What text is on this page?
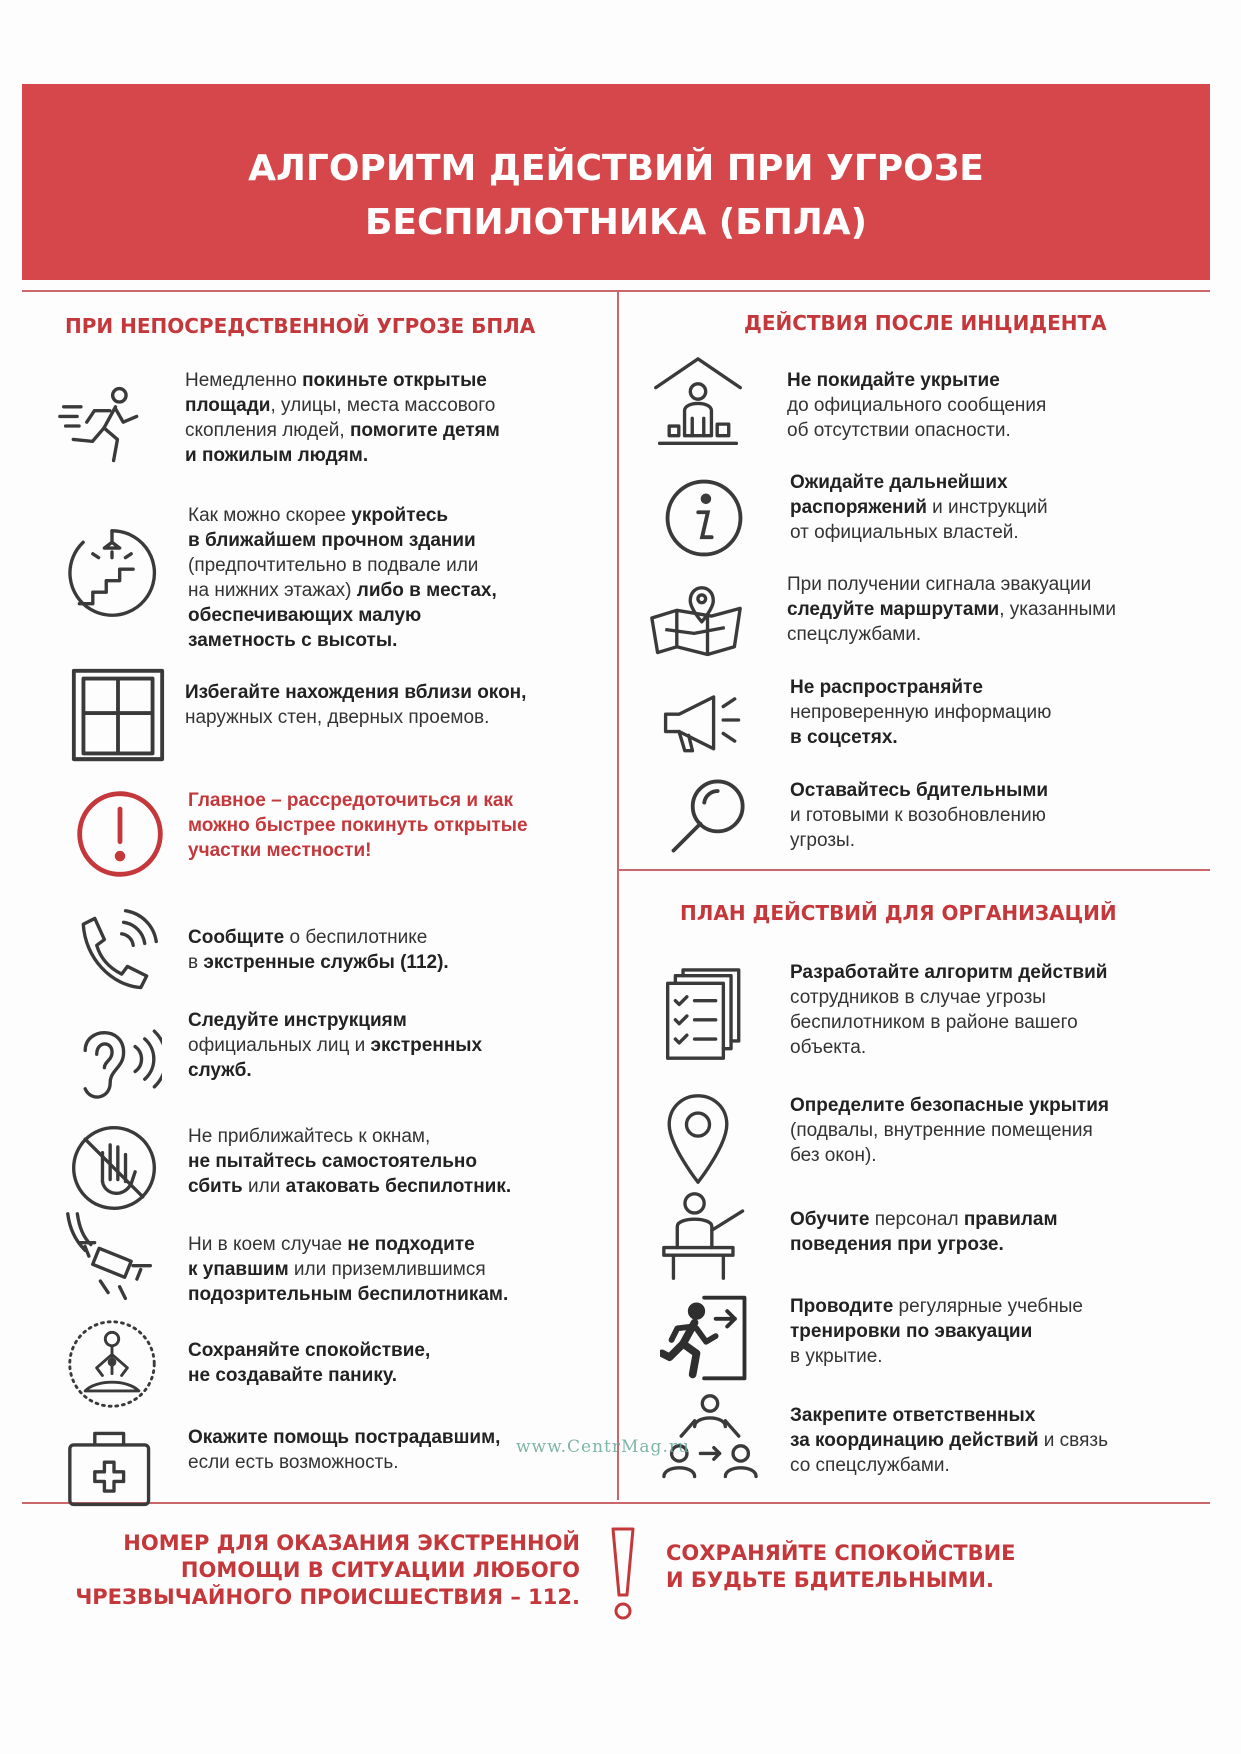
АЛГОРИТМ ДЕЙСТВИЙ ПРИ УГРОЗЕ
БЕСПИЛОТНИКА (БПЛА)
ПРИ НЕПОСРЕДСТВЕННОЙ УГРОЗЕ БПЛА	ДЕЙСТВИЯ ПОСЛЕ ИНЦИДЕНТА
ПЛАН ДЕЙСТВИЙ ДЛЯ ОРГАНИЗАЦИЙ
Немедленно покиньте открытые
площади, улицы, места массового
скопления людей, помогите детям
и пожилым людям.
Как можно скорее укройтесь
в ближайшем прочном здании
(предпочтительно в подвале или
на нижних этажах) либо в местах,
обеспечивающих малую
заметность с высоты.
Избегайте нахождения вблизи окон,
наружных стен, дверных проемов.
Главное – рассредоточиться и как
можно быстрее покинуть открытые
участки местности!
Сообщите о беспилотнике
в экстренные службы (112).
Следуйте инструкциям
официальных лиц и экстренных
служб.
Не приближайтесь к окнам,
не пытайтесь самостоятельно
сбить или атаковать беспилотник.
Ни в коем случае не подходите
к упавшим или приземлившимся
подозрительным беспилотникам.
Сохраняйте спокойствие,
не создавайте панику.
Окажите помощь пострадавшим,
если есть возможность.
Не покидайте укрытие
до официального сообщения
об отсутствии опасности.
Ожидайте дальнейших
распоряжений и инструкций
от официальных властей.
При получении сигнала эвакуации
следуйте маршрутами, указанными
спецслужбами.
Не распространяйте
непроверенную информацию
в соцсетях.
Оставайтесь бдительными
и готовыми к возобновлению
угрозы.
Разработайте алгоритм действий
сотрудников в случае угрозы
беспилотником в районе вашего
объекта.
Определите безопасные укрытия
(подвалы, внутренние помещения
без окон).
Обучите персонал правилам
поведения при угрозе.
Проводите регулярные учебные
тренировки по эвакуации
в укрытие.
Закрепите ответственных
за координацию действий и связь
со спецслужбами.
НОМЕР ДЛЯ ОКАЗАНИЯ ЭКСТРЕННОЙ
ПОМОЩИ В СИТУАЦИИ ЛЮБОГО
ЧРЕЗВЫЧАЙНОГО ПРОИСШЕСТВИЯ – 112.
СОХРАНЯЙТЕ СПОКОЙСТВИЕ
И БУДЬТЕ БДИТЕЛЬНЫМИ.
www.CentrMag.ru
